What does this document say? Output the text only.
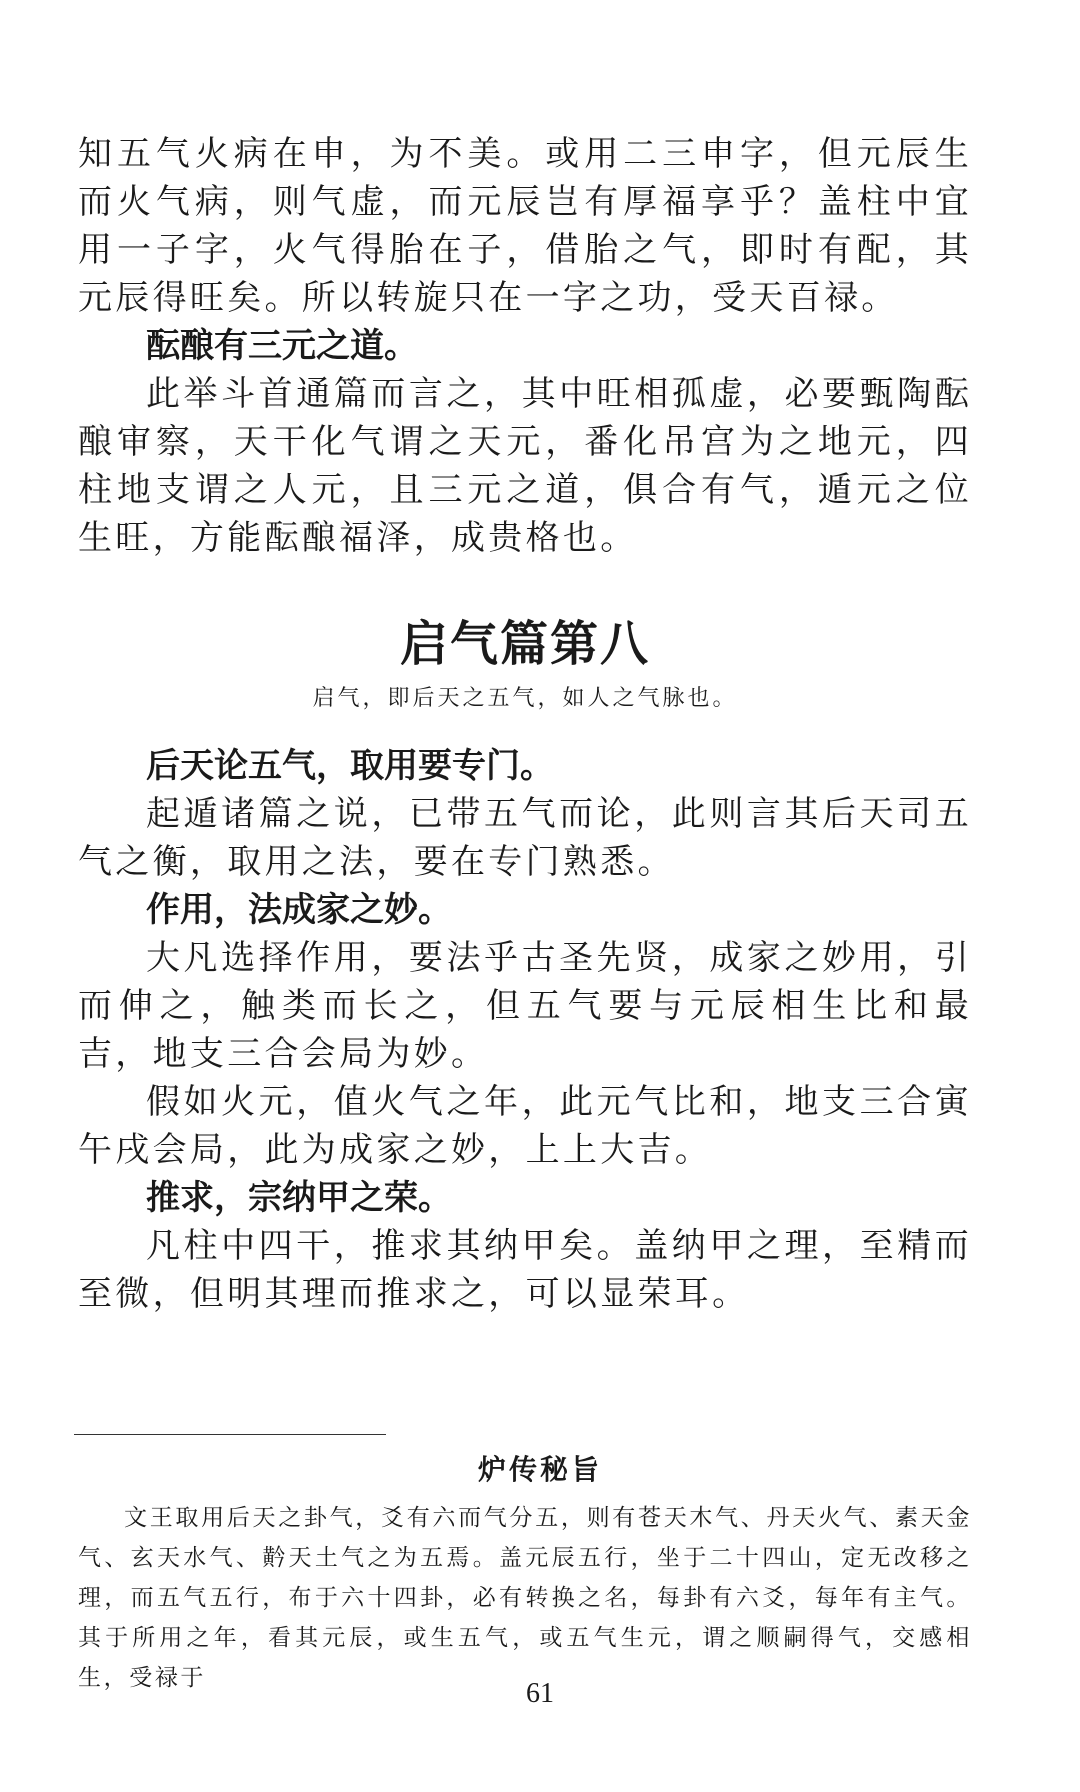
知五气火病在申，为不美。或用二三申字，但元辰生而火气病，则气虚，而元辰岂有厚福享乎？盖柱中宜用一子字，火气得胎在子，借胎之气，即时有配，其元辰得旺矣。所以转旋只在一字之功，受天百禄。

酝酿有三元之道。

此举斗首通篇而言之，其中旺相孤虚，必要甄陶酝酿审察，天干化气谓之天元，番化吊宫为之地元，四柱地支谓之人元，且三元之道，俱合有气，遁元之位生旺，方能酝酿福泽，成贵格也。

启气篇第八

启气，即后天之五气，如人之气脉也。

后天论五气，取用要专门。

起遁诸篇之说，已带五气而论，此则言其后天司五气之衡，取用之法，要在专门熟悉。

作用，法成家之妙。

大凡选择作用，要法乎古圣先贤，成家之妙用，引而伸之，触类而长之，但五气要与元辰相生比和最吉，地支三合会局为妙。

假如火元，值火气之年，此元气比和，地支三合寅午戌会局，此为成家之妙，上上大吉。

推求，宗纳甲之荣。

凡柱中四干，推求其纳甲矣。盖纳甲之理，至精而至微，但明其理而推求之，可以显荣耳。

炉传秘旨

文王取用后天之卦气，爻有六而气分五，则有苍天木气、丹天火气、素天金气、玄天水气、黅天土气之为五焉。盖元辰五行，坐于二十四山，定无改移之理，而五气五行，布于六十四卦，必有转换之名，每卦有六爻，每年有主气。其于所用之年，看其元辰，或生五气，或五气生元，谓之顺嗣得气，交感相生，受禄于	61
